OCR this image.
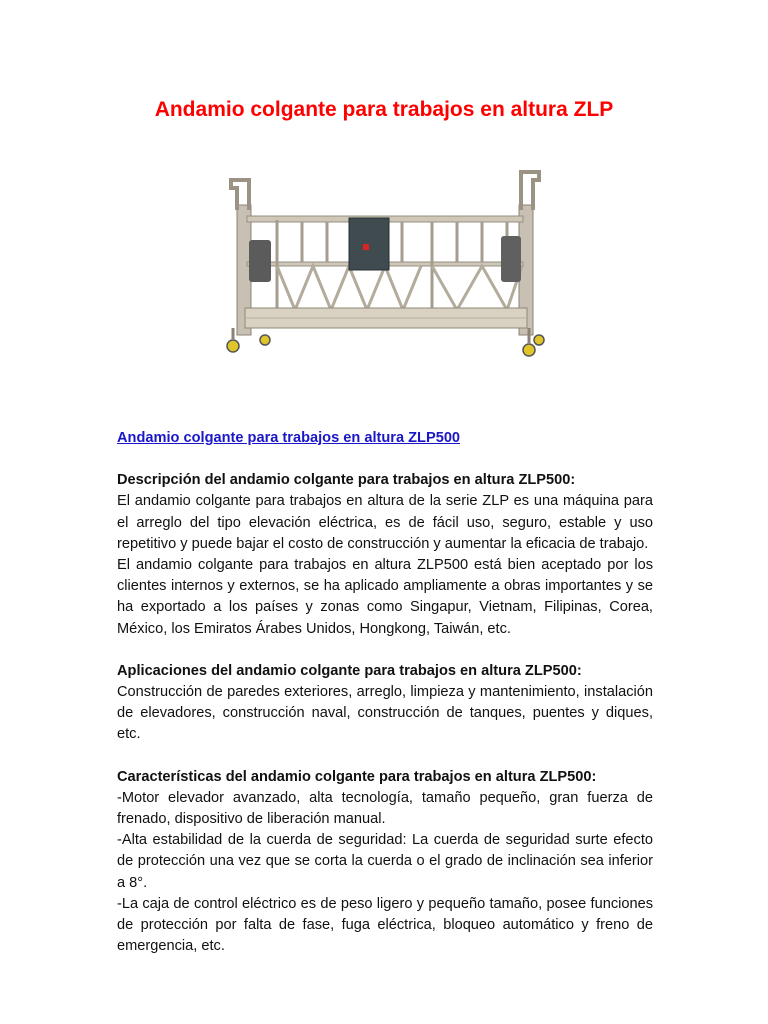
Andamio colgante para trabajos en altura ZLP
Andamio colgante para trabajos en altura ZLP500
Descripción del andamio colgante para trabajos en altura ZLP500:

El andamio colgante para trabajos en altura de la serie ZLP es una máquina para el arreglo del tipo elevación eléctrica, es de fácil uso, seguro, estable y uso repetitivo y puede bajar el costo de construcción y aumentar la eficacia de trabajo.

El andamio colgante para trabajos en altura ZLP500 está bien aceptado por los clientes internos y externos, se ha aplicado ampliamente a obras importantes y se ha exportado a los países y zonas como Singapur, Vietnam, Filipinas, Corea, México, los Emiratos Árabes Unidos, Hongkong, Taiwán, etc.

Aplicaciones del andamio colgante para trabajos en altura ZLP500:

Construcción de paredes exteriores, arreglo, limpieza y mantenimiento, instalación de elevadores, construcción naval, construcción de tanques, puentes y diques, etc.

Características del andamio colgante para trabajos en altura ZLP500:

-Motor elevador avanzado, alta tecnología, tamaño pequeño, gran fuerza de frenado, dispositivo de liberación manual.

-Alta estabilidad de la cuerda de seguridad: La cuerda de seguridad surte efecto de protección una vez que se corta la cuerda o el grado de inclinación sea inferior a 8°.

-La caja de control eléctrico es de peso ligero y pequeño tamaño, posee funciones de protección por falta de fase, fuga eléctrica, bloqueo automático y freno de emergencia, etc.
